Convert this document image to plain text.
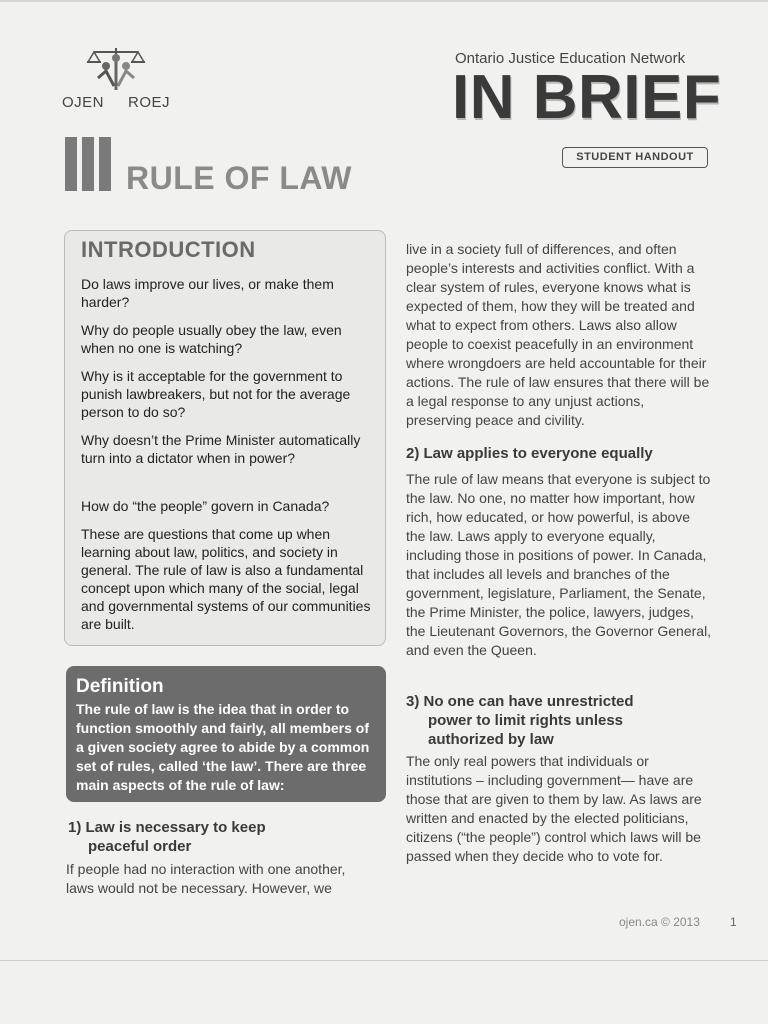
OJEN ROEJ
Ontario Justice Education Network
IN BRIEF
STUDENT HANDOUT
RULE OF LAW
INTRODUCTION
Do laws improve our lives, or make them harder?
Why do people usually obey the law, even when no one is watching?
Why is it acceptable for the government to punish lawbreakers, but not for the average person to do so?
Why doesn’t the Prime Minister automatically turn into a dictator when in power?
How do “the people” govern in Canada?
These are questions that come up when learning about law, politics, and society in general. The rule of law is also a fundamental concept upon which many of the social, legal and governmental systems of our communities are built.
Definition
The rule of law is the idea that in order to function smoothly and fairly, all members of a given society agree to abide by a common set of rules, called ‘the law’. There are three main aspects of the rule of law:
1) Law is necessary to keep
peaceful order
If people had no interaction with one another, laws would not be necessary. However, we
live in a society full of differences, and often people’s interests and activities conflict. With a clear system of rules, everyone knows what is expected of them, how they will be treated and what to expect from others. Laws also allow people to coexist peacefully in an environment where wrongdoers are held accountable for their actions. The rule of law ensures that there will be a legal response to any unjust actions, preserving peace and civility.
2) Law applies to everyone equally
The rule of law means that everyone is subject to the law. No one, no matter how important, how rich, how educated, or how powerful, is above the law. Laws apply to everyone equally, including those in positions of power. In Canada, that includes all levels and branches of the government, legislature, Parliament, the Senate, the Prime Minister, the police, lawyers, judges, the Lieutenant Governors, the Governor General, and even the Queen.
3) No one can have unrestricted
power to limit rights unless
authorized by law
The only real powers that individuals or institutions – including government— have are those that are given to them by law. As laws are written and enacted by the elected politicians, citizens (“the people”) control which laws will be passed when they decide who to vote for.
ojen.ca © 2013	1
